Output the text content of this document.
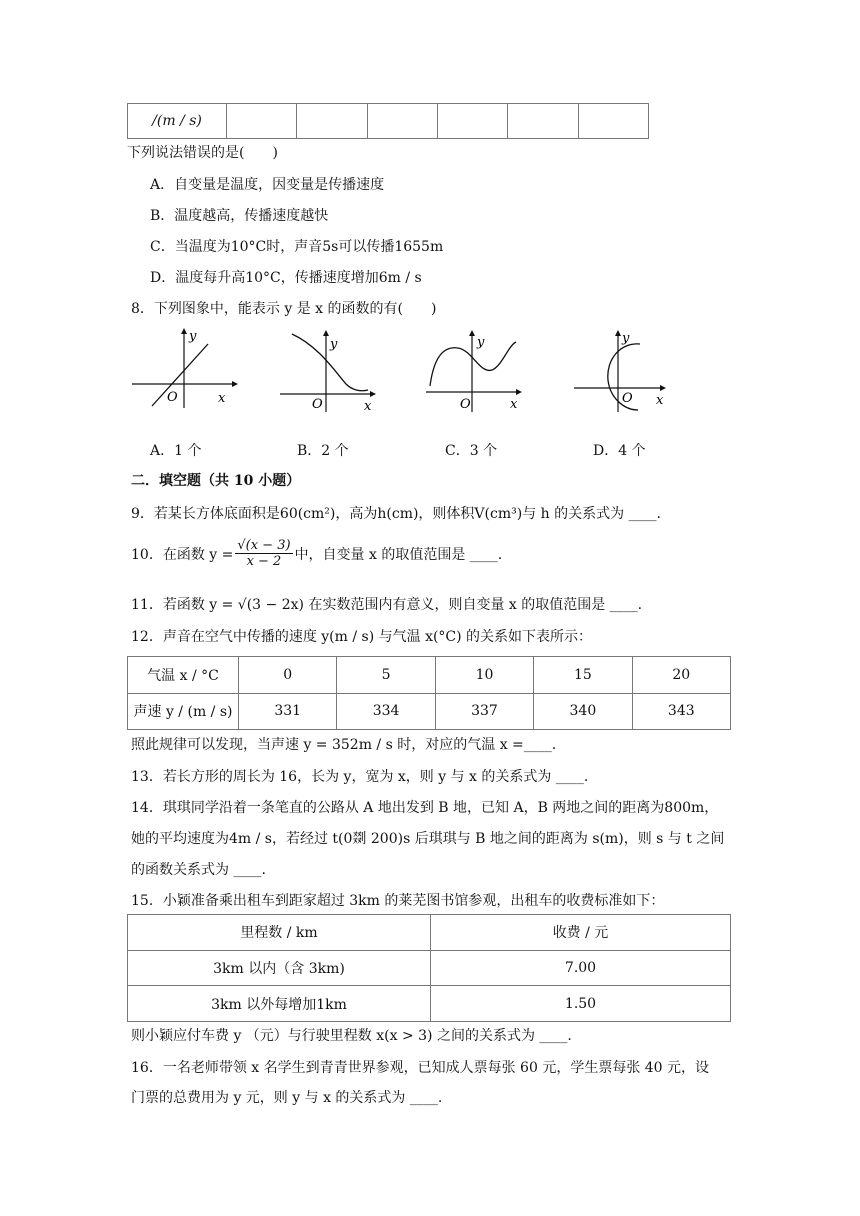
/(m / s)						
下列说法错误的是(　　)
A．自变量是温度，因变量是传播速度
B．温度越高，传播速度越快
C．当温度为10°C时，声音5s可以传播1655m
D．温度每升高10°C，传播速度增加6m / s
8．下列图象中，能表示 y 是 x 的函数的有(　　)
y
O	x
y
O	x
y
O	x
y
O x
A．1 个	B．2 个	C．3 个	D．4 个
二．填空题（共 10 小题）
9．若某长方体底面积是60(cm²)，高为h(cm)，则体积V(cm³)与 h 的关系式为 ____.
10．在函数 $y = \frac{√(x - 3)}{x - 2}$ 中，自变量 x 的取值范围是 ____.
11．若函数 y = √(3 − 2x) 在实数范围内有意义，则自变量 x 的取值范围是 ____.
12．声音在空气中传播的速度 y(m / s) 与气温 x(°C) 的关系如下表所示：
气温 x / °C	0	5	10	15	20
声速 y / (m / s)	331	334	337	340	343
照此规律可以发现，当声速 y = 352m / s 时，对应的气温 x =____.
13．若长方形的周长为 16，长为 y，宽为 x，则 y 与 x 的关系式为 ____.
14．琪琪同学沿着一条笔直的公路从 A 地出发到 B 地，已知 A，B 两地之间的距离为800m，
她的平均速度为4m / s，若经过 t(0剟 200)s 后琪琪与 B 地之间的距离为 s(m)，则 s 与 t 之间
的函数关系式为 ____.
15．小颖准备乘出租车到距家超过 3km 的莱芜图书馆参观，出租车的收费标准如下：
里程数 / km	收费 / 元
3km 以内（含 3km)	7.00
3km 以外每增加1km	1.50
则小颖应付车费 y （元）与行驶里程数 x(x > 3) 之间的关系式为 ____.
16．一名老师带领 x 名学生到青青世界参观，已知成人票每张 60 元，学生票每张 40 元，设
门票的总费用为 y 元，则 y 与 x 的关系式为 ____.
